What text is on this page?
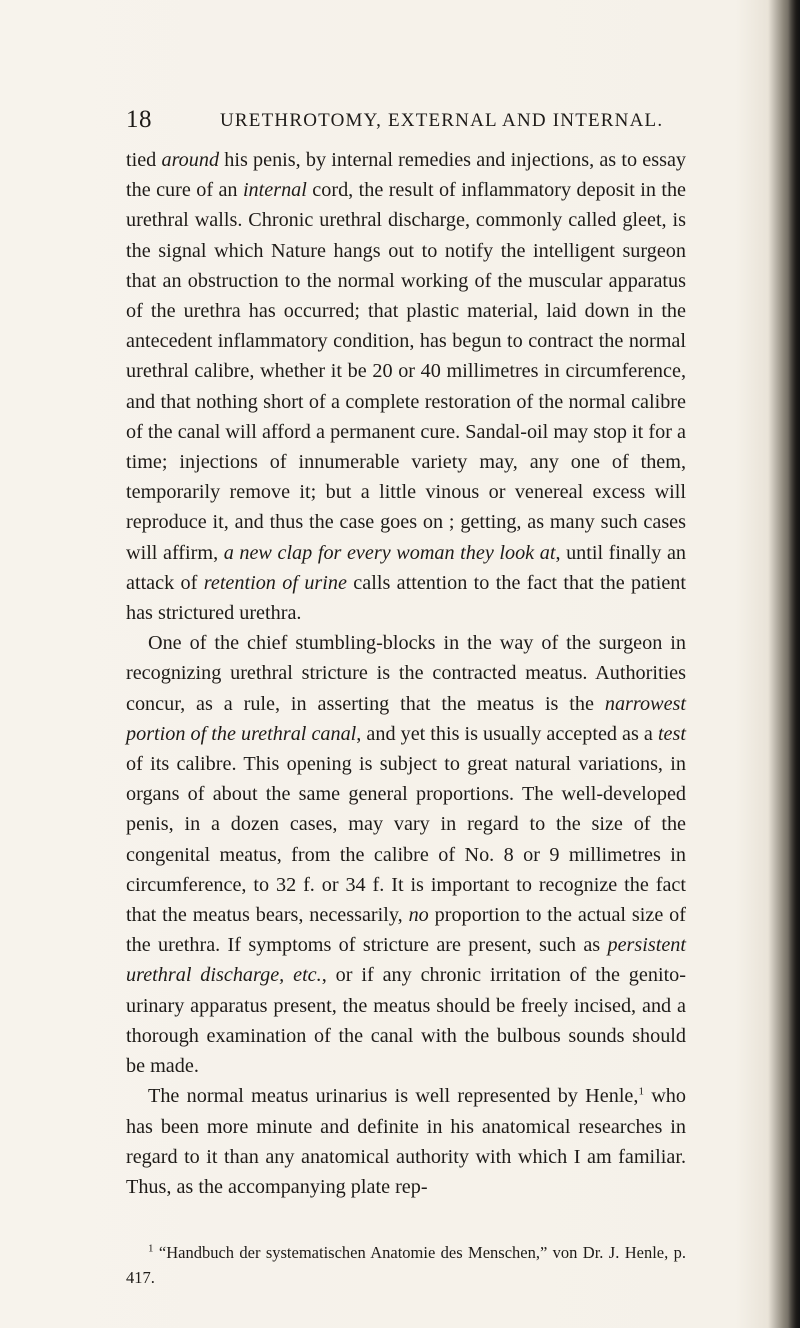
18	URETHROTOMY, EXTERNAL AND INTERNAL.

tied around his penis, by internal remedies and injections, as to essay the cure of an internal cord, the result of inflammatory deposit in the urethral walls. Chronic urethral discharge, commonly called gleet, is the signal which Nature hangs out to notify the intelligent surgeon that an obstruction to the normal working of the muscular apparatus of the urethra has occurred; that plastic material, laid down in the antecedent inflammatory condition, has begun to contract the normal urethral calibre, whether it be 20 or 40 millimetres in circumference, and that nothing short of a complete restoration of the normal calibre of the canal will afford a permanent cure. Sandal-oil may stop it for a time; injections of innumerable variety may, any one of them, temporarily remove it; but a little vinous or venereal excess will reproduce it, and thus the case goes on ; getting, as many such cases will affirm, a new clap for every woman they look at, until finally an attack of retention of urine calls attention to the fact that the patient has strictured urethra.

One of the chief stumbling-blocks in the way of the surgeon in recognizing urethral stricture is the contracted meatus. Authorities concur, as a rule, in asserting that the meatus is the narrowest portion of the urethral canal, and yet this is usually accepted as a test of its calibre. This opening is subject to great natural variations, in organs of about the same general proportions. The well-developed penis, in a dozen cases, may vary in regard to the size of the congenital meatus, from the calibre of No. 8 or 9 millimetres in circumference, to 32 f. or 34 f. It is important to recognize the fact that the meatus bears, necessarily, no proportion to the actual size of the urethra. If symptoms of stricture are present, such as persistent urethral discharge, etc., or if any chronic irritation of the genito-urinary apparatus present, the meatus should be freely incised, and a thorough examination of the canal with the bulbous sounds should be made.

The normal meatus urinarius is well represented by Henle,$^1$ who has been more minute and definite in his anatomical researches in regard to it than any anatomical authority with which I am familiar. Thus, as the accompanying plate rep-

$^1$ “Handbuch der systematischen Anatomie des Menschen,” von Dr. J. Henle, p. 417.
